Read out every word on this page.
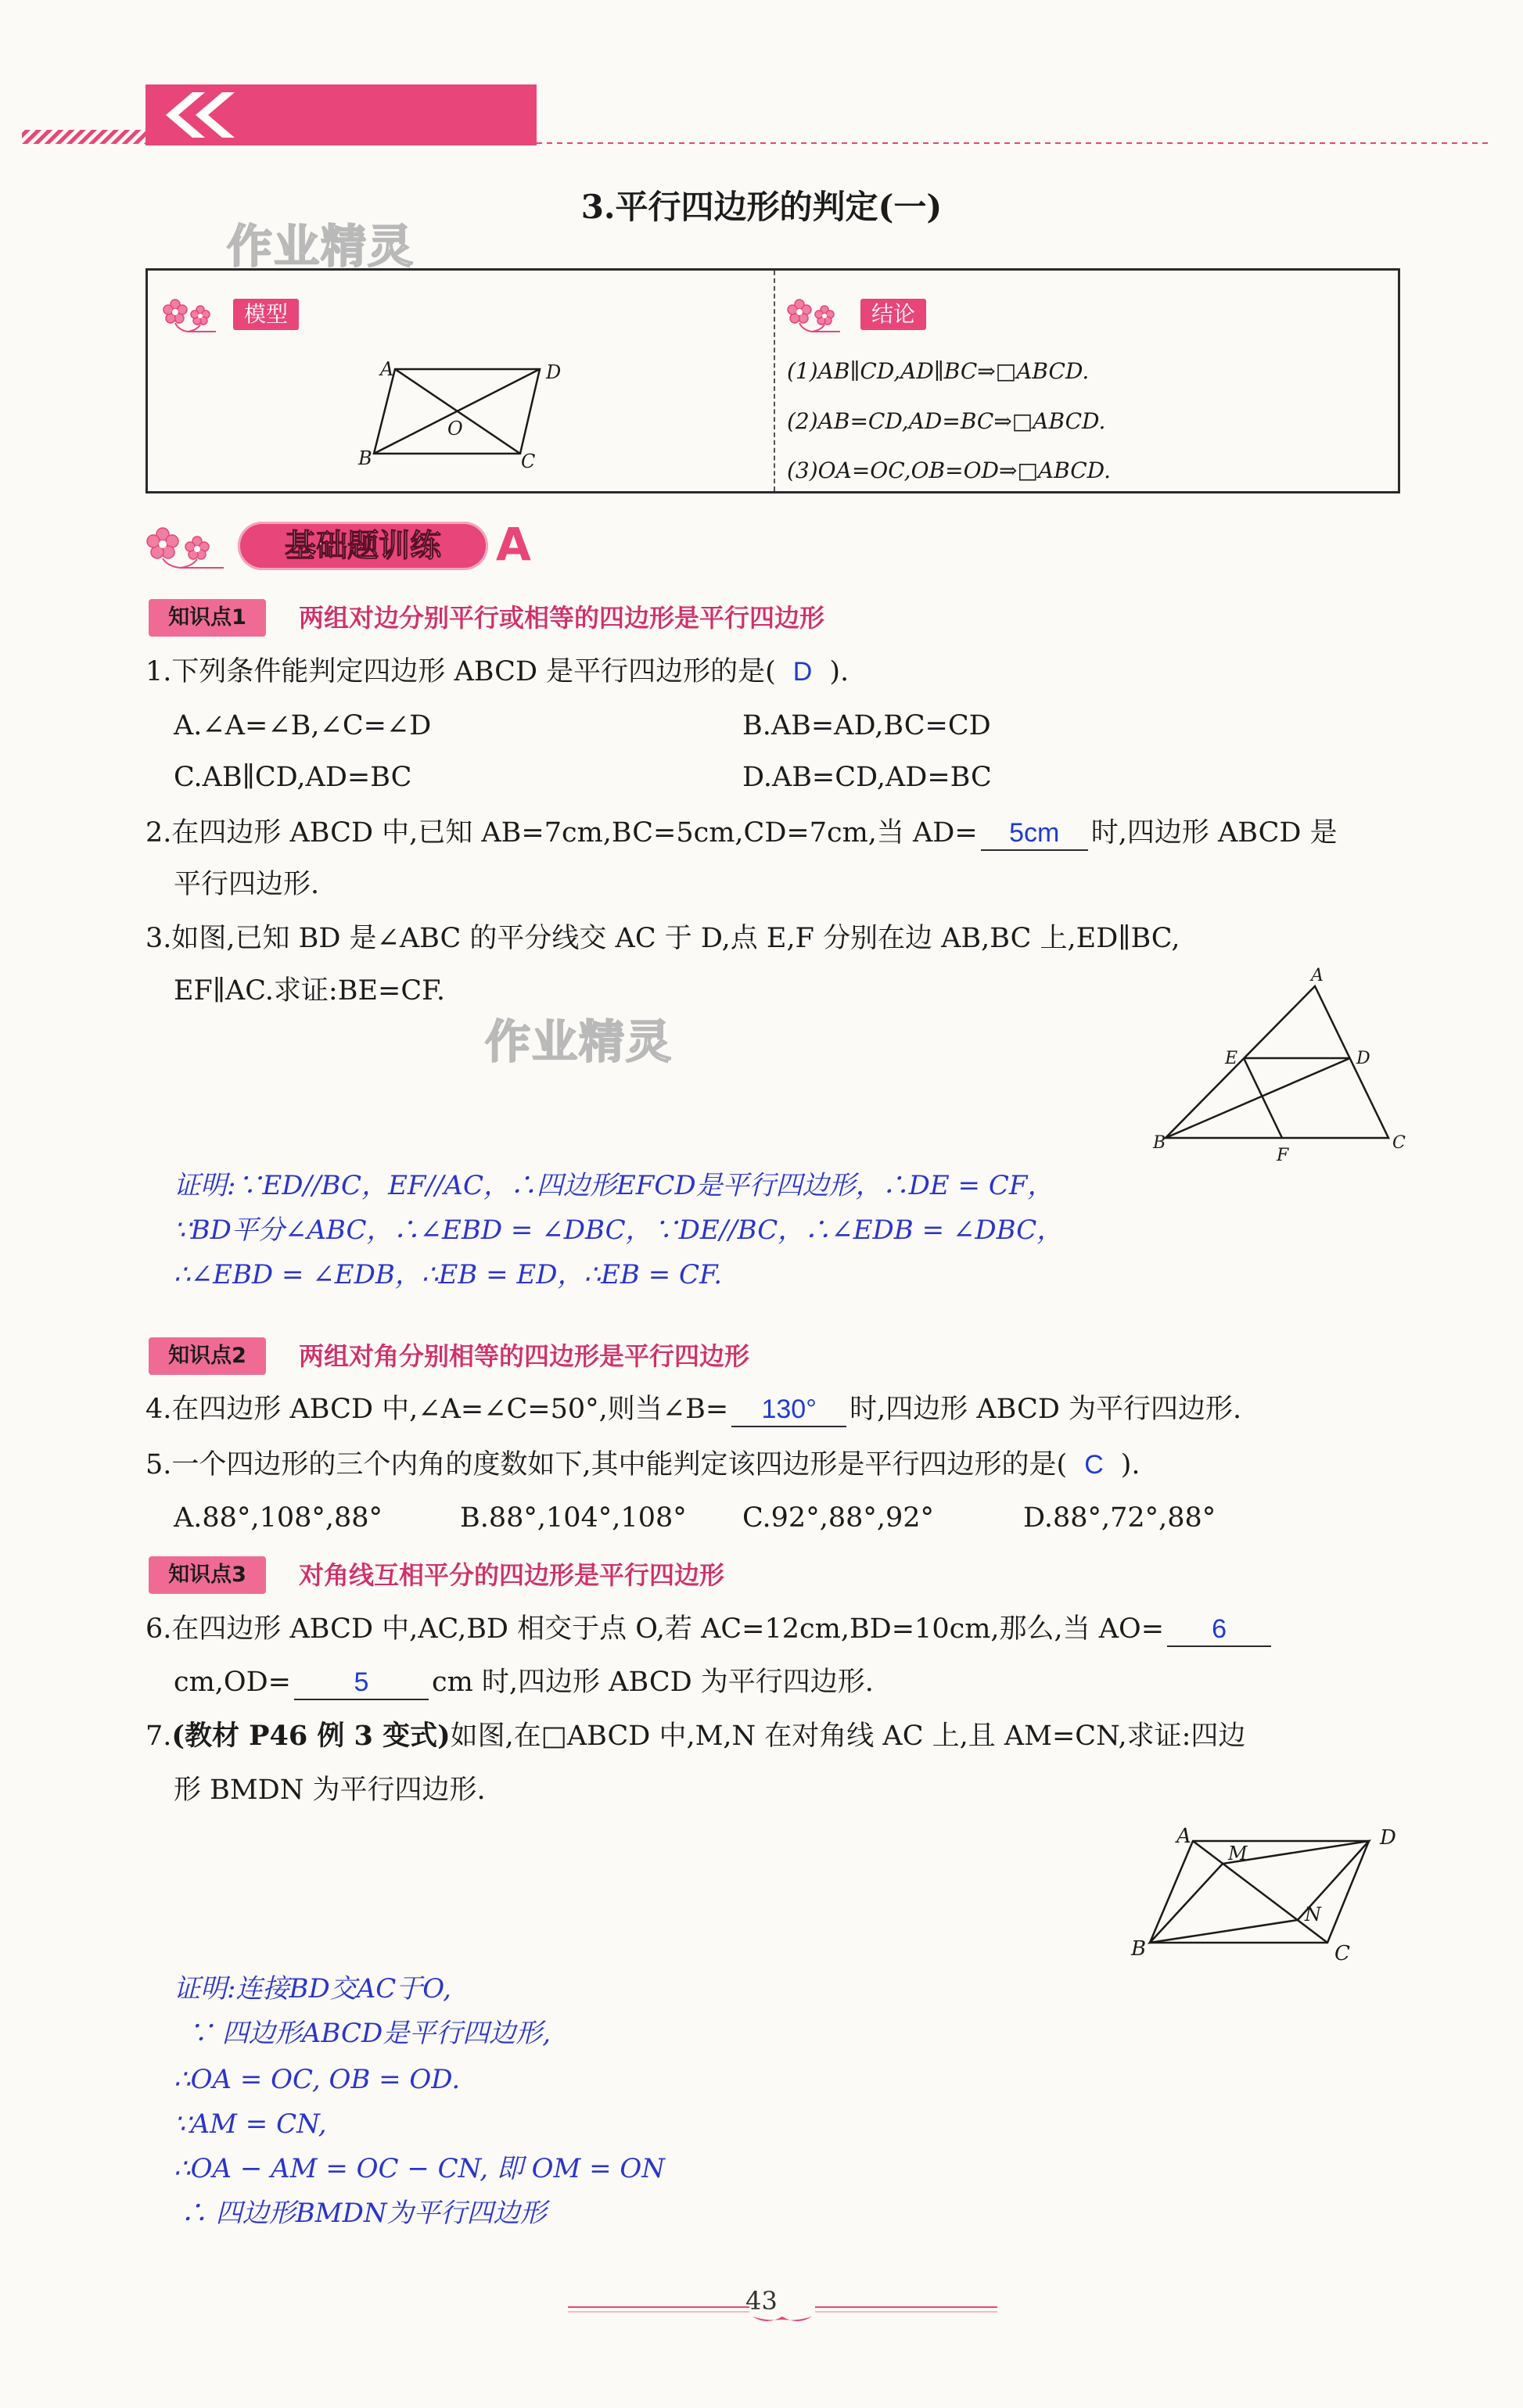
3.平行四边形的判定(一)
作业精灵
作业精灵
模型
A	D
B	C
O
结论
(1)AB∥CD,AD∥BC⇒□ABCD.
(2)AB=CD,AD=BC⇒□ABCD.
(3)OA=OC,OB=OD⇒□ABCD.
基础题训练	A
知识点1	两组对边分别平行或相等的四边形是平行四边形
1.下列条件能判定四边形 ABCD 是平行四边形的是( D ).
A.∠A=∠B,∠C=∠D	B.AB=AD,BC=CD
C.AB∥CD,AD=BC	D.AB=CD,AD=BC
2.在四边形 ABCD 中,已知 AB=7cm,BC=5cm,CD=7cm,当 AD= 5cm 时,四边形 ABCD 是
平行四边形.
3.如图,已知 BD 是∠ABC 的平分线交 AC 于 D,点 E,F 分别在边 AB,BC 上,ED∥BC,
EF∥AC.求证:BE=CF.	A
E	D
B
F
C
证明:∵ED//BC，EF//AC，∴四边形EFCD是平行四边形，∴DE = CF，
∵BD平分∠ABC，∴∠EBD = ∠DBC，∵DE//BC，∴∠EDB = ∠DBC，
∴∠EBD = ∠EDB，∴EB = ED，∴EB = CF.
知识点2	两组对角分别相等的四边形是平行四边形
4.在四边形 ABCD 中,∠A=∠C=50°,则当∠B= 130° 时,四边形 ABCD 为平行四边形.
5.一个四边形的三个内角的度数如下,其中能判定该四边形是平行四边形的是( C ).
A.88°,108°,88°	B.88°,104°,108° C.92°,88°,92°	D.88°,72°,88°
知识点3	对角线互相平分的四边形是平行四边形
6.在四边形 ABCD 中,AC,BD 相交于点 O,若 AC=12cm,BD=10cm,那么,当 AO= 6
cm,OD= 5 cm 时,四边形 ABCD 为平行四边形.
7.(教材 P46 例 3 变式)如图,在□ABCD 中,M,N 在对角线 AC 上,且 AM=CN,求证:四边
形 BMDN 为平行四边形.
A	D
B	C
M
N
证明:连接BD交AC于O,
∵ 四边形ABCD是平行四边形,
∴OA = OC, OB = OD.
∵AM = CN,
∴OA − AM = OC − CN, 即 OM = ON
∴ 四边形BMDN为平行四边形
43
